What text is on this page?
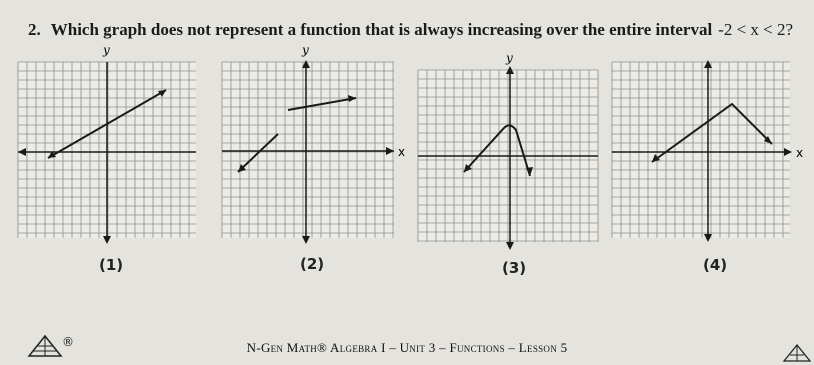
2. Which graph does not represent a function that is always increasing over the entire interval -2 < x < 2?
y
(1)
y
x
(2)
y
(3)
x
(4)
®	N-Gen Math® Algebra I – Unit 3 – Functions – Lesson 5
